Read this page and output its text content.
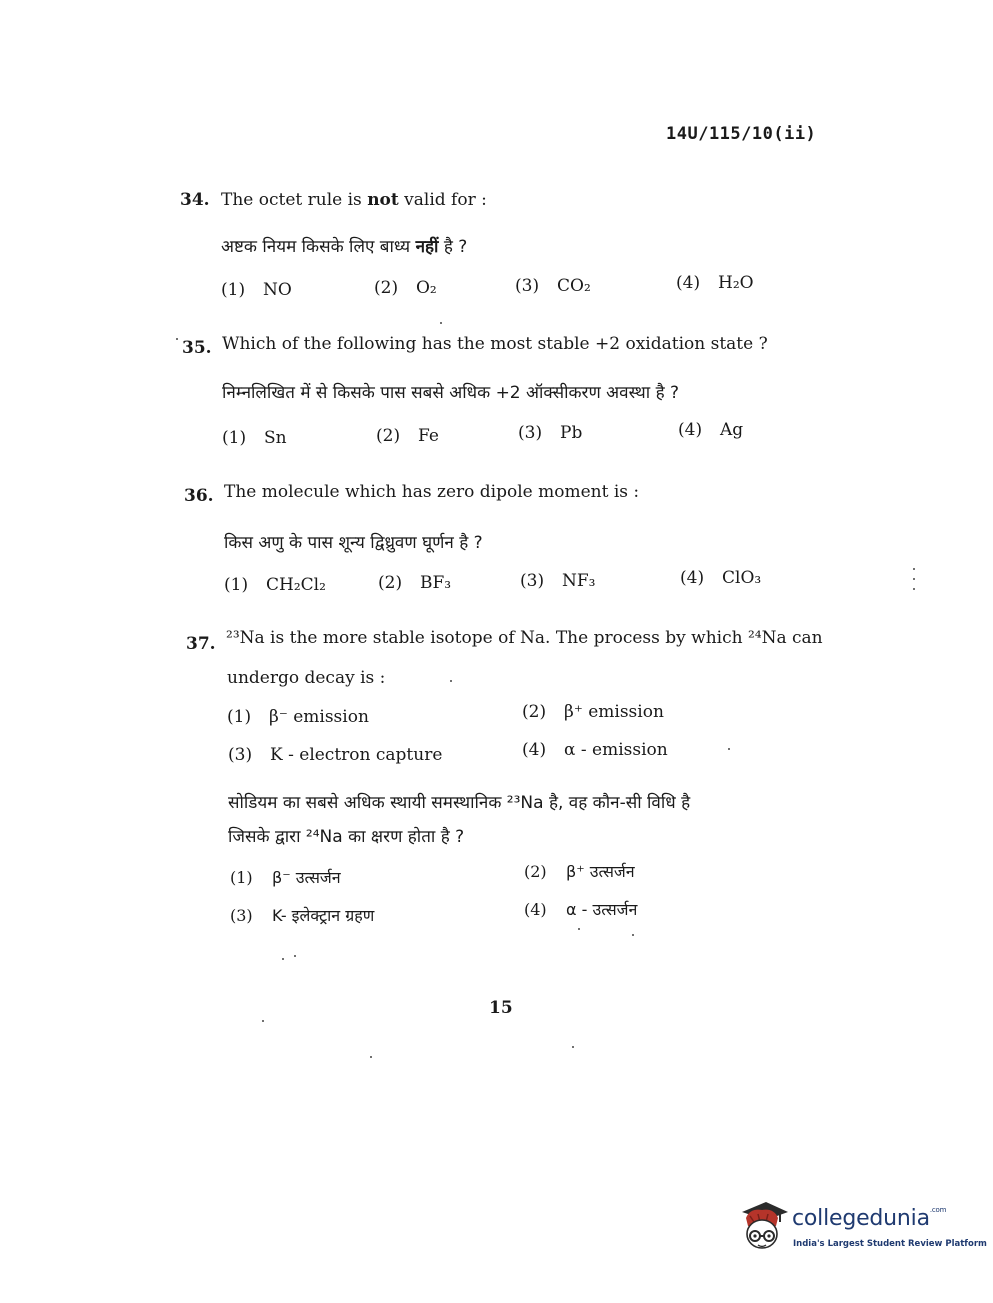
14U/115/10(ii)
34. The octet rule is not valid for :
अष्टक नियम किसके लिए बाध्य नहीं है ?
(1) NO	(2) O₂	(3) CO₂	(4) H₂O
35. Which of the following has the most stable +2 oxidation state ?
निम्नलिखित में से किसके पास सबसे अधिक +2 ऑक्सीकरण अवस्था है ?
(1) Sn	(2) Fe	(3) Pb	(4) Ag
36. The molecule which has zero dipole moment is :
किस अणु के पास शून्य द्विध्रुवण घूर्णन है ?
(1) CH₂Cl₂	(2) BF₃	(3) NF₃	(4) ClO₃
37. ²³Na is the more stable isotope of Na. The process by which ²⁴Na can
undergo decay is :
(1) β⁻ emission	(2) β⁺ emission
(3) K - electron capture	(4) α - emission
सोडियम का सबसे अधिक स्थायी समस्थानिक ²³Na है, वह कौन-सी विधि है
जिसके द्वारा ²⁴Na का क्षरण होता है ?
(1) β⁻ उत्सर्जन	(2) β⁺ उत्सर्जन
(3) K- इलेक्ट्रान ग्रहण	(4) α - उत्सर्जन
15
collegedunia$^{.com}$
India's Largest Student Review Platform
